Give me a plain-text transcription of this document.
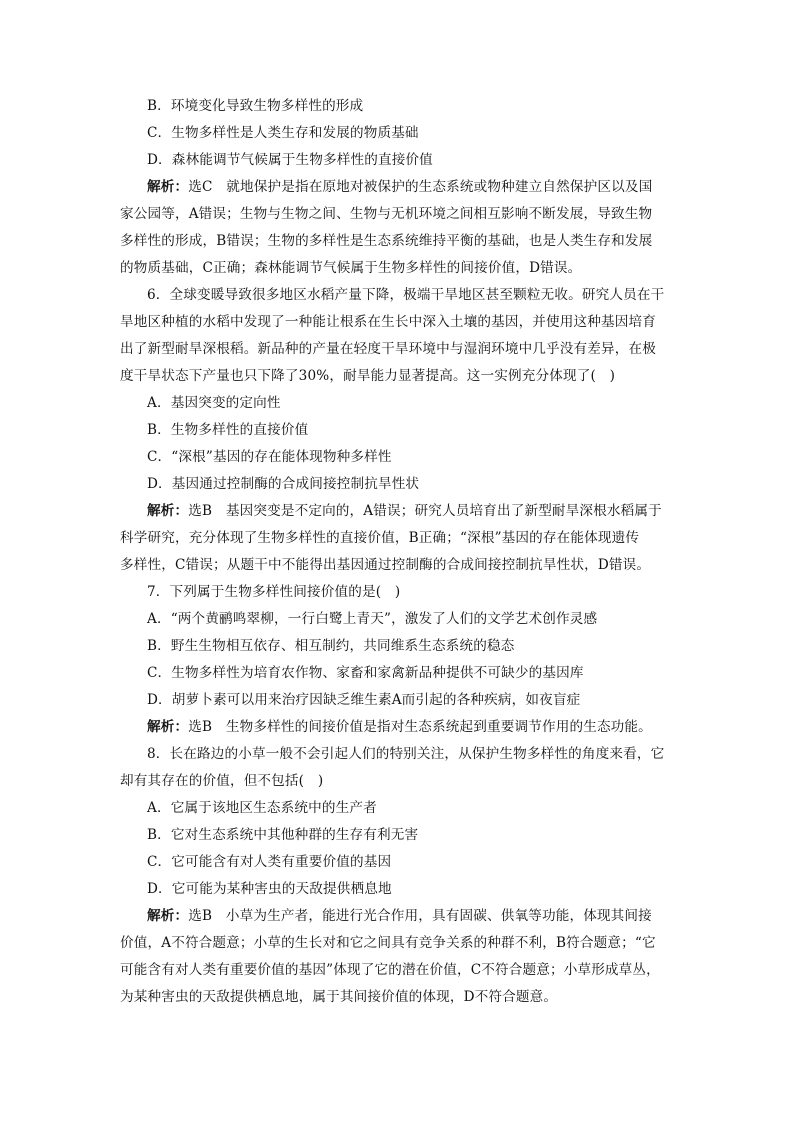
B．环境变化导致生物多样性的形成
C．生物多样性是人类生存和发展的物质基础
D．森林能调节气候属于生物多样性的直接价值
解析：选C　就地保护是指在原地对被保护的生态系统或物种建立自然保护区以及国
家公园等，A错误；生物与生物之间、生物与无机环境之间相互影响不断发展，导致生物
多样性的形成，B错误；生物的多样性是生态系统维持平衡的基础，也是人类生存和发展
的物质基础，C正确；森林能调节气候属于生物多样性的间接价值，D错误。
6．全球变暖导致很多地区水稻产量下降，极端干旱地区甚至颗粒无收。研究人员在干
旱地区种植的水稻中发现了一种能让根系在生长中深入土壤的基因，并使用这种基因培育
出了新型耐旱深根稻。新品种的产量在轻度干旱环境中与湿润环境中几乎没有差异，在极
度干旱状态下产量也只下降了30%，耐旱能力显著提高。这一实例充分体现了(　)
A．基因突变的定向性
B．生物多样性的直接价值
C．“深根”基因的存在能体现物种多样性
D．基因通过控制酶的合成间接控制抗旱性状
解析：选B　基因突变是不定向的，A错误；研究人员培育出了新型耐旱深根水稻属于
科学研究，充分体现了生物多样性的直接价值，B正确；“深根”基因的存在能体现遗传
多样性，C错误；从题干中不能得出基因通过控制酶的合成间接控制抗旱性状，D错误。
7．下列属于生物多样性间接价值的是(　)
A．“两个黄鹂鸣翠柳，一行白鹭上青天”，激发了人们的文学艺术创作灵感
B．野生生物相互依存、相互制约，共同维系生态系统的稳态
C．生物多样性为培育农作物、家畜和家禽新品种提供不可缺少的基因库
D．胡萝卜素可以用来治疗因缺乏维生素A而引起的各种疾病，如夜盲症
解析：选B　生物多样性的间接价值是指对生态系统起到重要调节作用的生态功能。
8．长在路边的小草一般不会引起人们的特别关注，从保护生物多样性的角度来看，它
却有其存在的价值，但不包括(　)
A．它属于该地区生态系统中的生产者
B．它对生态系统中其他种群的生存有利无害
C．它可能含有对人类有重要价值的基因
D．它可能为某种害虫的天敌提供栖息地
解析：选B　小草为生产者，能进行光合作用，具有固碳、供氧等功能，体现其间接
价值，A不符合题意；小草的生长对和它之间具有竞争关系的种群不利，B符合题意；“它
可能含有对人类有重要价值的基因”体现了它的潜在价值，C不符合题意；小草形成草丛，
为某种害虫的天敌提供栖息地，属于其间接价值的体现，D不符合题意。
